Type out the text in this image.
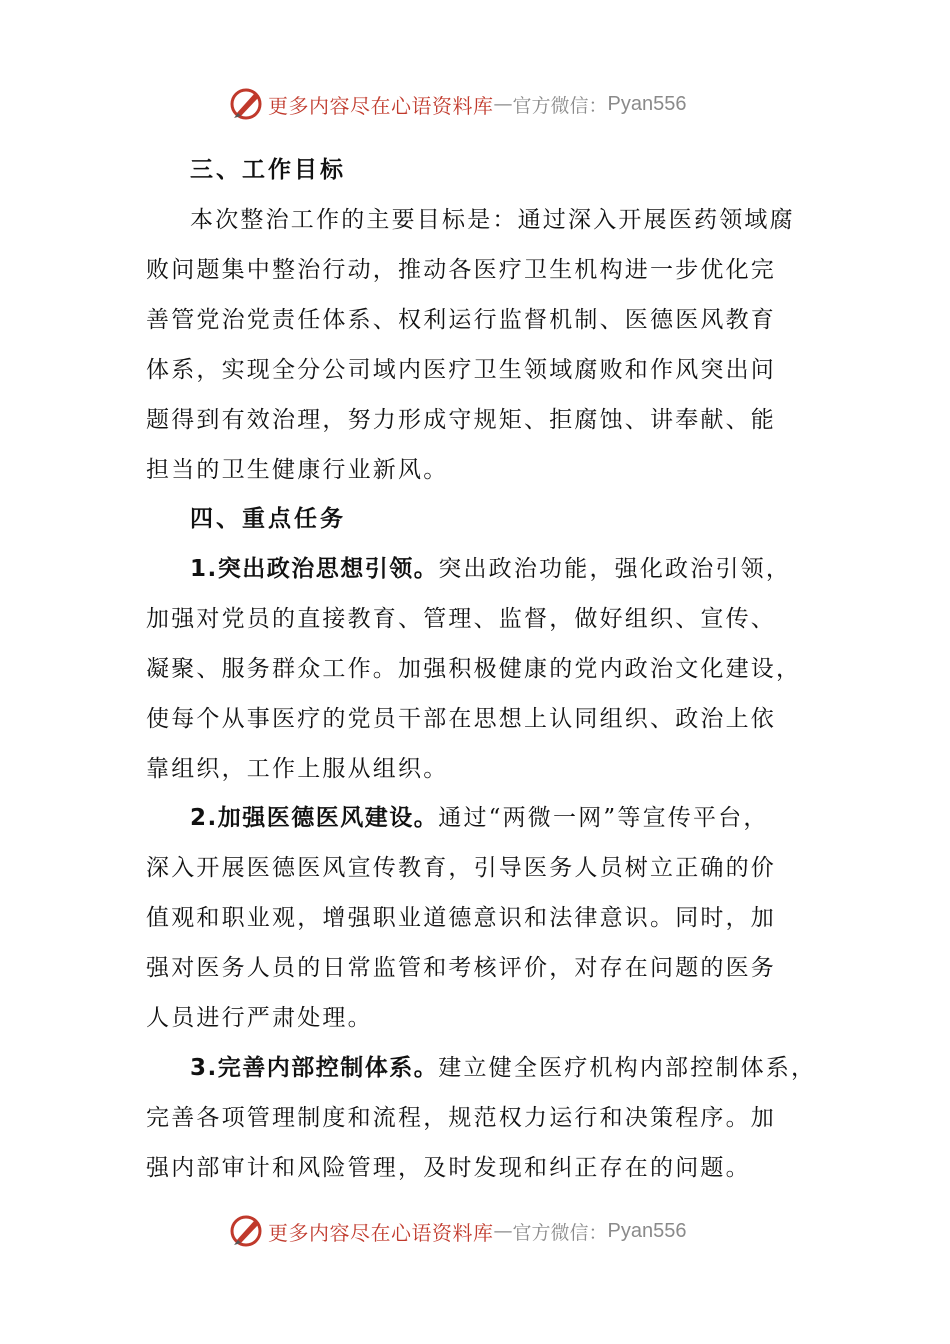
更多内容尽在心语资料库 — 官方微信： Pyan556
三、工作目标
本次整治工作的主要目标是：通过深入开展医药领域腐
败问题集中整治行动，推动各医疗卫生机构进一步优化完
善管党治党责任体系、权利运行监督机制、医德医风教育
体系，实现全分公司域内医疗卫生领域腐败和作风突出问
题得到有效治理，努力形成守规矩、拒腐蚀、讲奉献、能
担当的卫生健康行业新风。
四、重点任务
1.突出政治思想引领。突出政治功能，强化政治引领，
加强对党员的直接教育、管理、监督，做好组织、宣传、
凝聚、服务群众工作。加强积极健康的党内政治文化建设，
使每个从事医疗的党员干部在思想上认同组织、政治上依
靠组织，工作上服从组织。
2.加强医德医风建设。通过“两微一网”等宣传平台，
深入开展医德医风宣传教育，引导医务人员树立正确的价
值观和职业观，增强职业道德意识和法律意识。同时，加
强对医务人员的日常监管和考核评价，对存在问题的医务
人员进行严肃处理。
3.完善内部控制体系。建立健全医疗机构内部控制体系，
完善各项管理制度和流程，规范权力运行和决策程序。加
强内部审计和风险管理，及时发现和纠正存在的问题。
更多内容尽在心语资料库 — 官方微信： Pyan556
